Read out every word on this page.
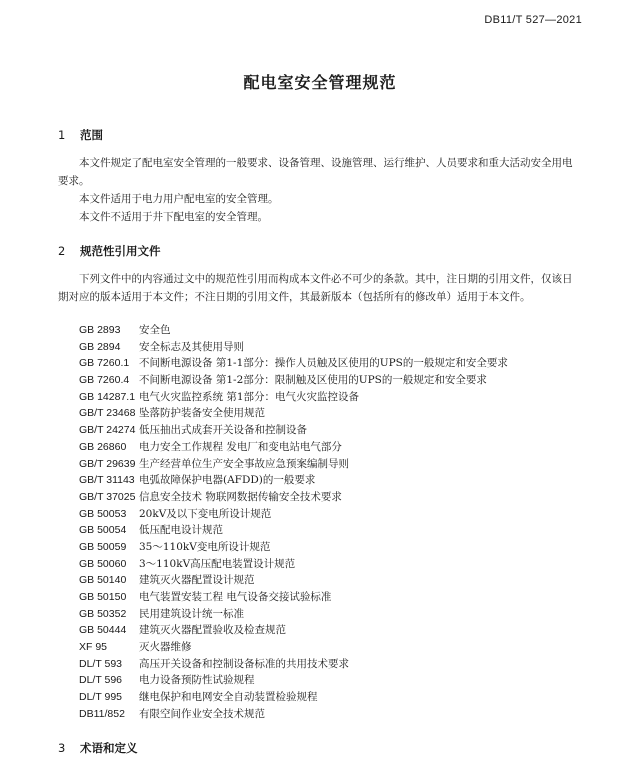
DB11/T 527—2021
配电室安全管理规范
1 范围

本文件规定了配电室安全管理的一般要求、设备管理、设施管理、运行维护、人员要求和重大活动安全用电要求。

本文件适用于电力用户配电室的安全管理。

本文件不适用于井下配电室的安全管理。

2 规范性引用文件

下列文件中的内容通过文中的规范性引用而构成本文件必不可少的条款。其中，注日期的引用文件，仅该日期对应的版本适用于本文件；不注日期的引用文件，其最新版本（包括所有的修改单）适用于本文件。

GB 2893 安全色
GB 2894 安全标志及其使用导则
GB 7260.1 不间断电源设备 第1-1部分：操作人员触及区使用的UPS的一般规定和安全要求
GB 7260.4 不间断电源设备 第1-2部分：限制触及区使用的UPS的一般规定和安全要求
GB 14287.1 电气火灾监控系统 第1部分：电气火灾监控设备
GB/T 23468 坠落防护装备安全使用规范
GB/T 24274 低压抽出式成套开关设备和控制设备
GB 26860 电力安全工作规程 发电厂和变电站电气部分
GB/T 29639 生产经营单位生产安全事故应急预案编制导则
GB/T 31143 电弧故障保护电器(AFDD)的一般要求
GB/T 37025 信息安全技术 物联网数据传输安全技术要求
GB 50053 20kV及以下变电所设计规范
GB 50054 低压配电设计规范
GB 50059 35～110kV变电所设计规范
GB 50060 3～110kV高压配电装置设计规范
GB 50140 建筑灭火器配置设计规范
GB 50150 电气装置安装工程 电气设备交接试验标准
GB 50352 民用建筑设计统一标准
GB 50444 建筑灭火器配置验收及检查规范
XF 95	灭火器维修
DL/T 593 高压开关设备和控制设备标准的共用技术要求
DL/T 596 电力设备预防性试验规程
DL/T 995 继电保护和电网安全自动装置检验规程
DB11/852 有限空间作业安全技术规范
3 术语和定义
